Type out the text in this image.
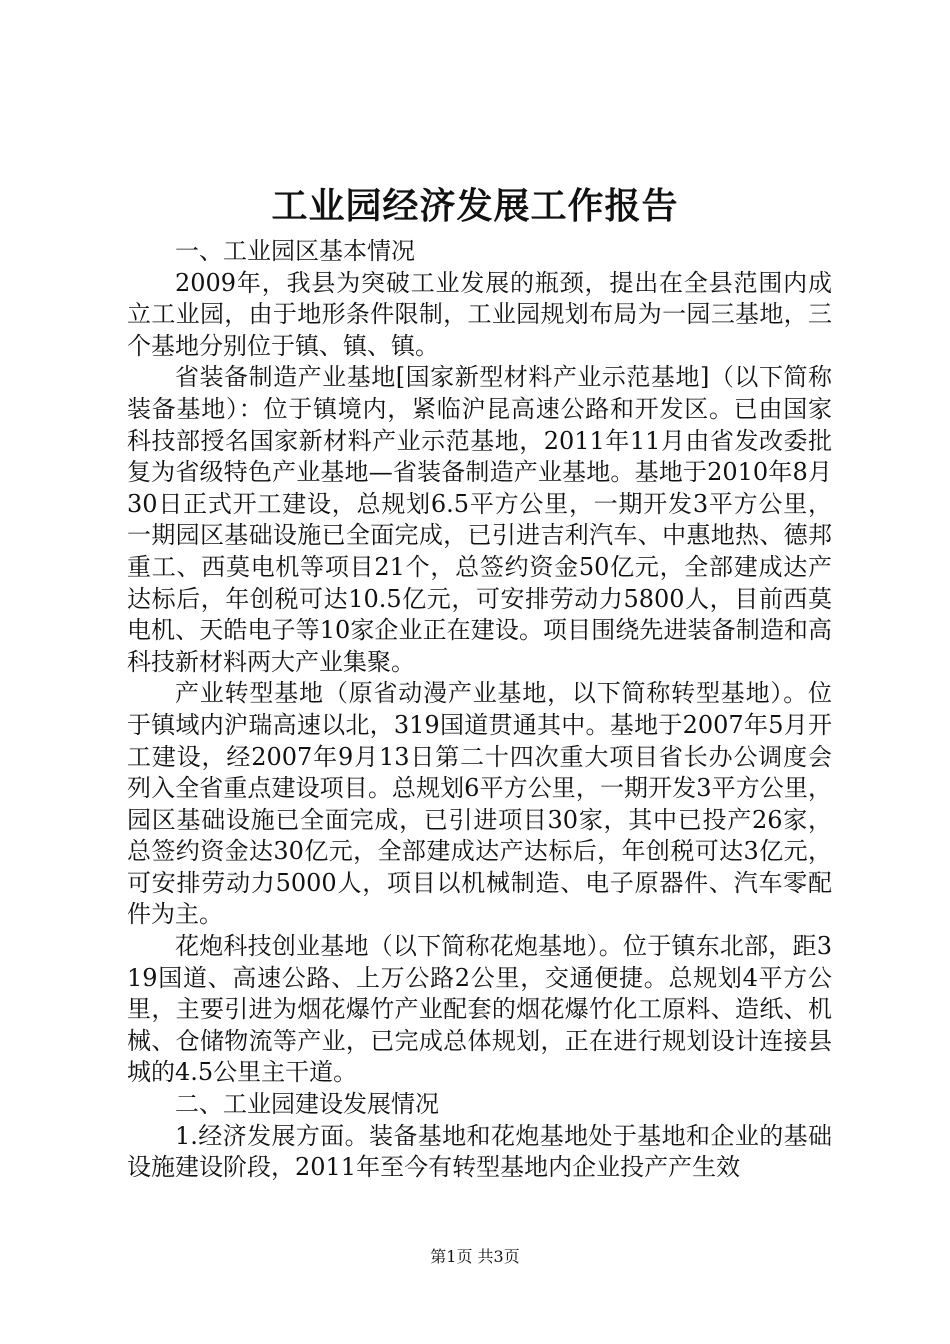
工业园经济发展工作报告

一、工业园区基本情况

2009年，我县为突破工业发展的瓶颈，提出在全县范围内成立工业园，由于地形条件限制，工业园规划布局为一园三基地，三个基地分别位于镇、镇、镇。

省装备制造产业基地[国家新型材料产业示范基地]（以下简称装备基地）：位于镇境内，紧临沪昆高速公路和开发区。已由国家科技部授名国家新材料产业示范基地，2011年11月由省发改委批复为省级特色产业基地—省装备制造产业基地。基地于2010年8月30日正式开工建设，总规划6.5平方公里，一期开发3平方公里，一期园区基础设施已全面完成，已引进吉利汽车、中惠地热、德邦重工、西莫电机等项目21个，总签约资金50亿元，全部建成达产达标后，年创税可达10.5亿元，可安排劳动力5800人，目前西莫电机、天皓电子等10家企业正在建设。项目围绕先进装备制造和高科技新材料两大产业集聚。

产业转型基地（原省动漫产业基地，以下简称转型基地）。位于镇域内沪瑞高速以北，319国道贯通其中。基地于2007年5月开工建设，经2007年9月13日第二十四次重大项目省长办公调度会列入全省重点建设项目。总规划6平方公里，一期开发3平方公里，园区基础设施已全面完成，已引进项目30家，其中已投产26家，总签约资金达30亿元，全部建成达产达标后，年创税可达3亿元，可安排劳动力5000人，项目以机械制造、电子原器件、汽车零配件为主。

花炮科技创业基地（以下简称花炮基地）。位于镇东北部，距319国道、高速公路、上万公路2公里，交通便捷。总规划4平方公里，主要引进为烟花爆竹产业配套的烟花爆竹化工原料、造纸、机械、仓储物流等产业，已完成总体规划，正在进行规划设计连接县城的4.5公里主干道。

二、工业园建设发展情况

1.经济发展方面。装备基地和花炮基地处于基地和企业的基础设施建设阶段，2011年至今有转型基地内企业投产产生效

第1页 共3页
